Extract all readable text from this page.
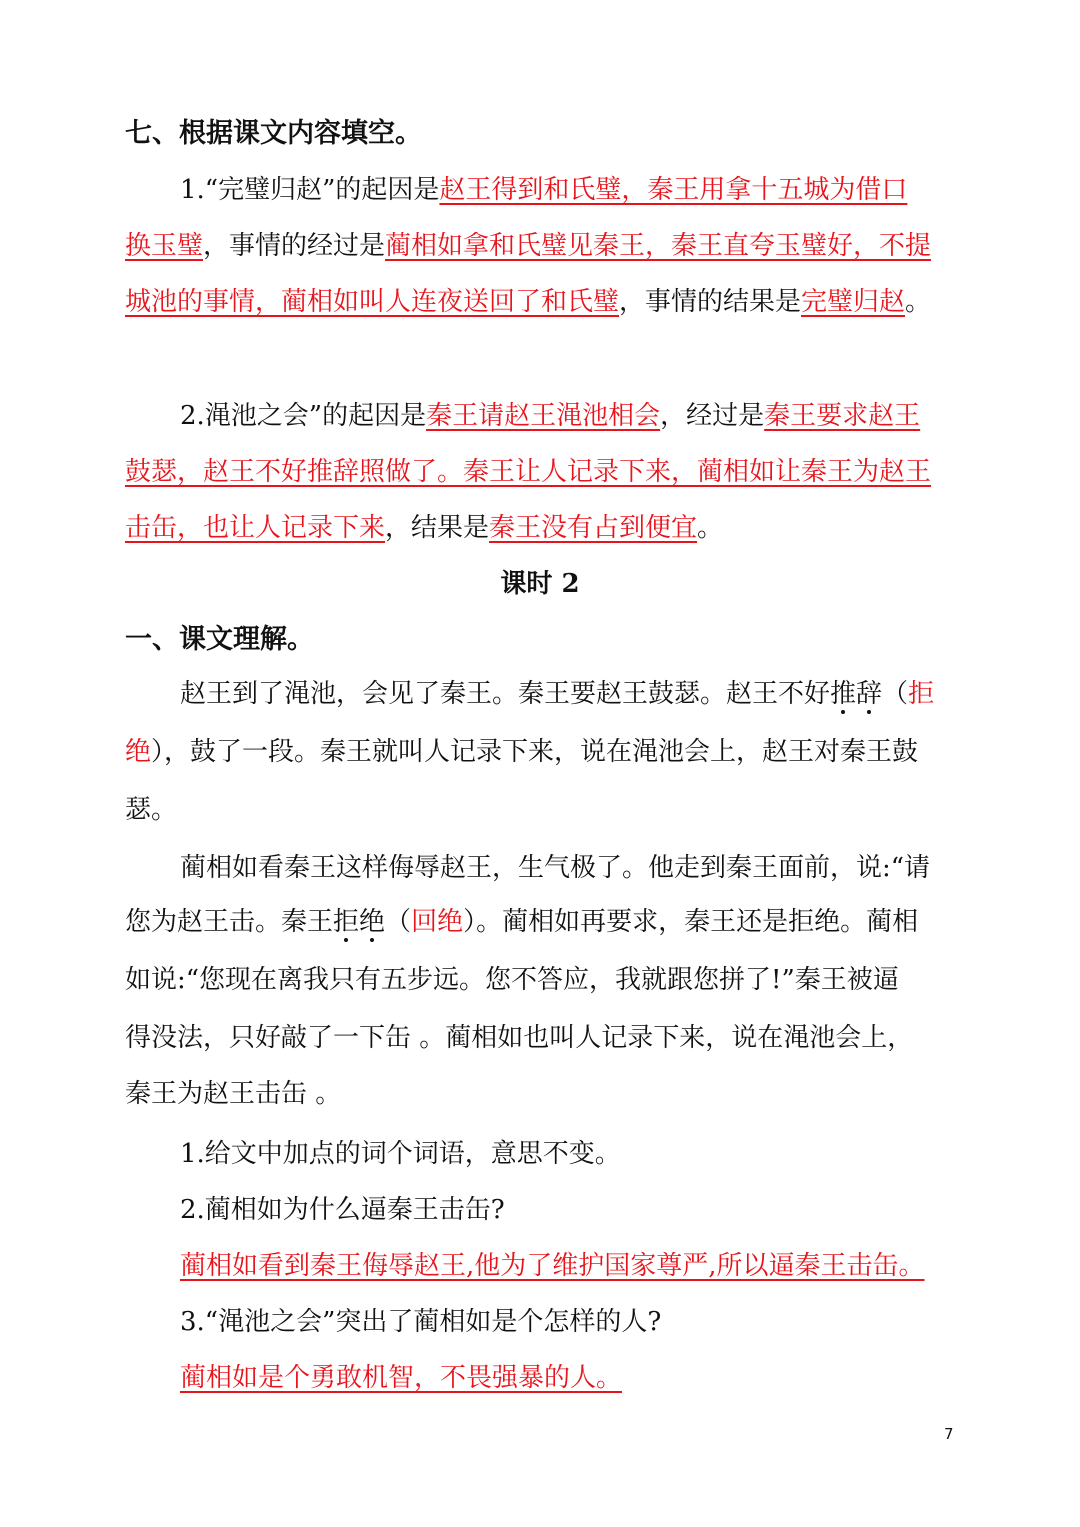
七、根据课文内容填空。
1.“完璧归赵”的起因是赵王得到和氏璧，秦王用拿十五城为借口
换玉璧，事情的经过是蔺相如拿和氏璧见秦王，秦王直夸玉璧好，不提
城池的事情，蔺相如叫人连夜送回了和氏璧，事情的结果是完璧归赵。
2.渑池之会”的起因是秦王请赵王渑池相会，经过是秦王要求赵王
鼓瑟，赵王不好推辞照做了。秦王让人记录下来，蔺相如让秦王为赵王
击缶，也让人记录下来，结果是秦王没有占到便宜。
课时 2
一、课文理解。
赵王到了渑池，会见了秦王。秦王要赵王鼓瑟。赵王不好推辞（拒
绝），鼓了一段。秦王就叫人记录下来，说在渑池会上，赵王对秦王鼓
瑟。
蔺相如看秦王这样侮辱赵王，生气极了。他走到秦王面前，说:“请
您为赵王击。秦王拒绝（回绝）。蔺相如再要求，秦王还是拒绝。蔺相
如说:“您现在离我只有五步远。您不答应，我就跟您拼了!”秦王被逼
得没法，只好敲了一下缶 。蔺相如也叫人记录下来，说在渑池会上，
秦王为赵王击缶 。
1.给文中加点的词个词语，意思不变。
2.蔺相如为什么逼秦王击缶?
蔺相如看到秦王侮辱赵王,他为了维护国家尊严,所以逼秦王击缶。
3.“渑池之会”突出了蔺相如是个怎样的人?
蔺相如是个勇敢机智，不畏强暴的人。
7
